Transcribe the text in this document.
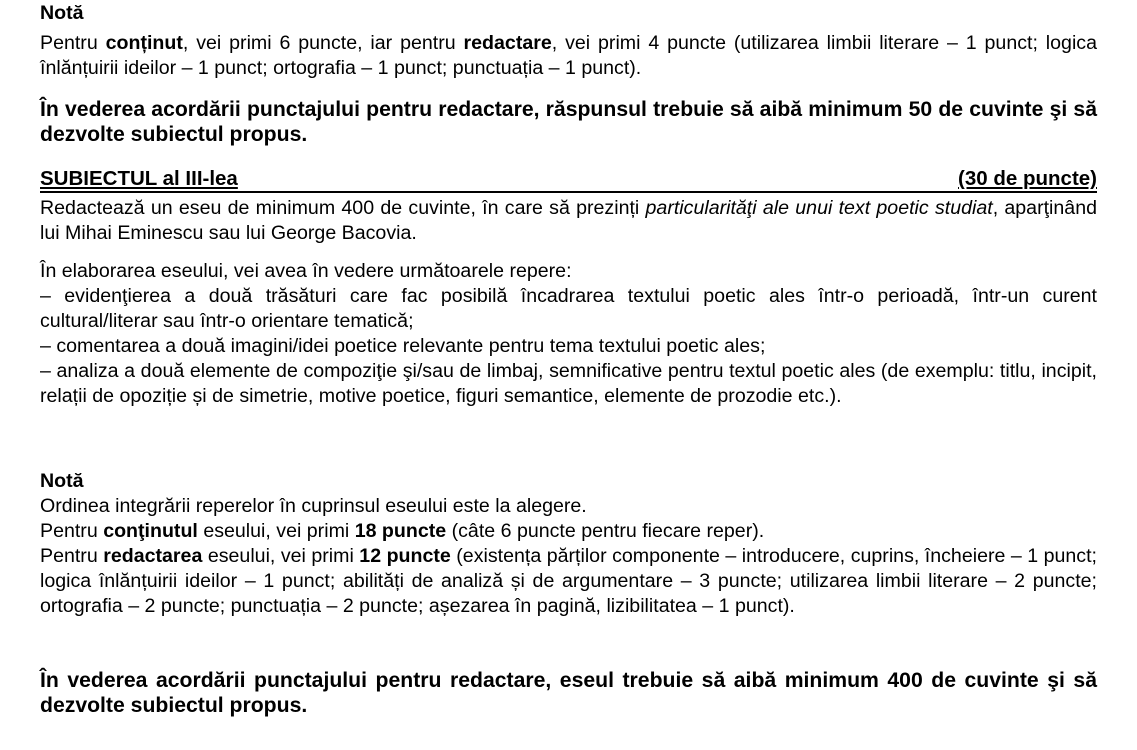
Notă

Pentru conținut, vei primi 6 puncte, iar pentru redactare, vei primi 4 puncte (utilizarea limbii literare – 1 punct; logica înlănțuirii ideilor – 1 punct; ortografia – 1 punct; punctuația – 1 punct).

În vederea acordării punctajului pentru redactare, răspunsul trebuie să aibă minimum 50 de cuvinte şi să dezvolte subiectul propus.

SUBIECTUL al III-lea	(30 de puncte)

Redactează un eseu de minimum 400 de cuvinte, în care să prezinți particularităţi ale unui text poetic studiat, aparţinând lui Mihai Eminescu sau lui George Bacovia.

În elaborarea eseului, vei avea în vedere următoarele repere:

– evidenţierea a două trăsături care fac posibilă încadrarea textului poetic ales într-o perioadă, într-un curent cultural/literar sau într-o orientare tematică;

– comentarea a două imagini/idei poetice relevante pentru tema textului poetic ales;

– analiza a două elemente de compoziţie şi/sau de limbaj, semnificative pentru textul poetic ales (de exemplu: titlu, incipit, relații de opoziție și de simetrie, motive poetice, figuri semantice, elemente de prozodie etc.).

Notă

Ordinea integrării reperelor în cuprinsul eseului este la alegere.

Pentru conţinutul eseului, vei primi 18 puncte (câte 6 puncte pentru fiecare reper).

Pentru redactarea eseului, vei primi 12 puncte (existența părților componente – introducere, cuprins, încheiere – 1 punct; logica înlănțuirii ideilor – 1 punct; abilități de analiză și de argumentare – 3 puncte; utilizarea limbii literare – 2 puncte; ortografia – 2 puncte; punctuația – 2 puncte; așezarea în pagină, lizibilitatea – 1 punct).

În vederea acordării punctajului pentru redactare, eseul trebuie să aibă minimum 400 de cuvinte şi să dezvolte subiectul propus.
